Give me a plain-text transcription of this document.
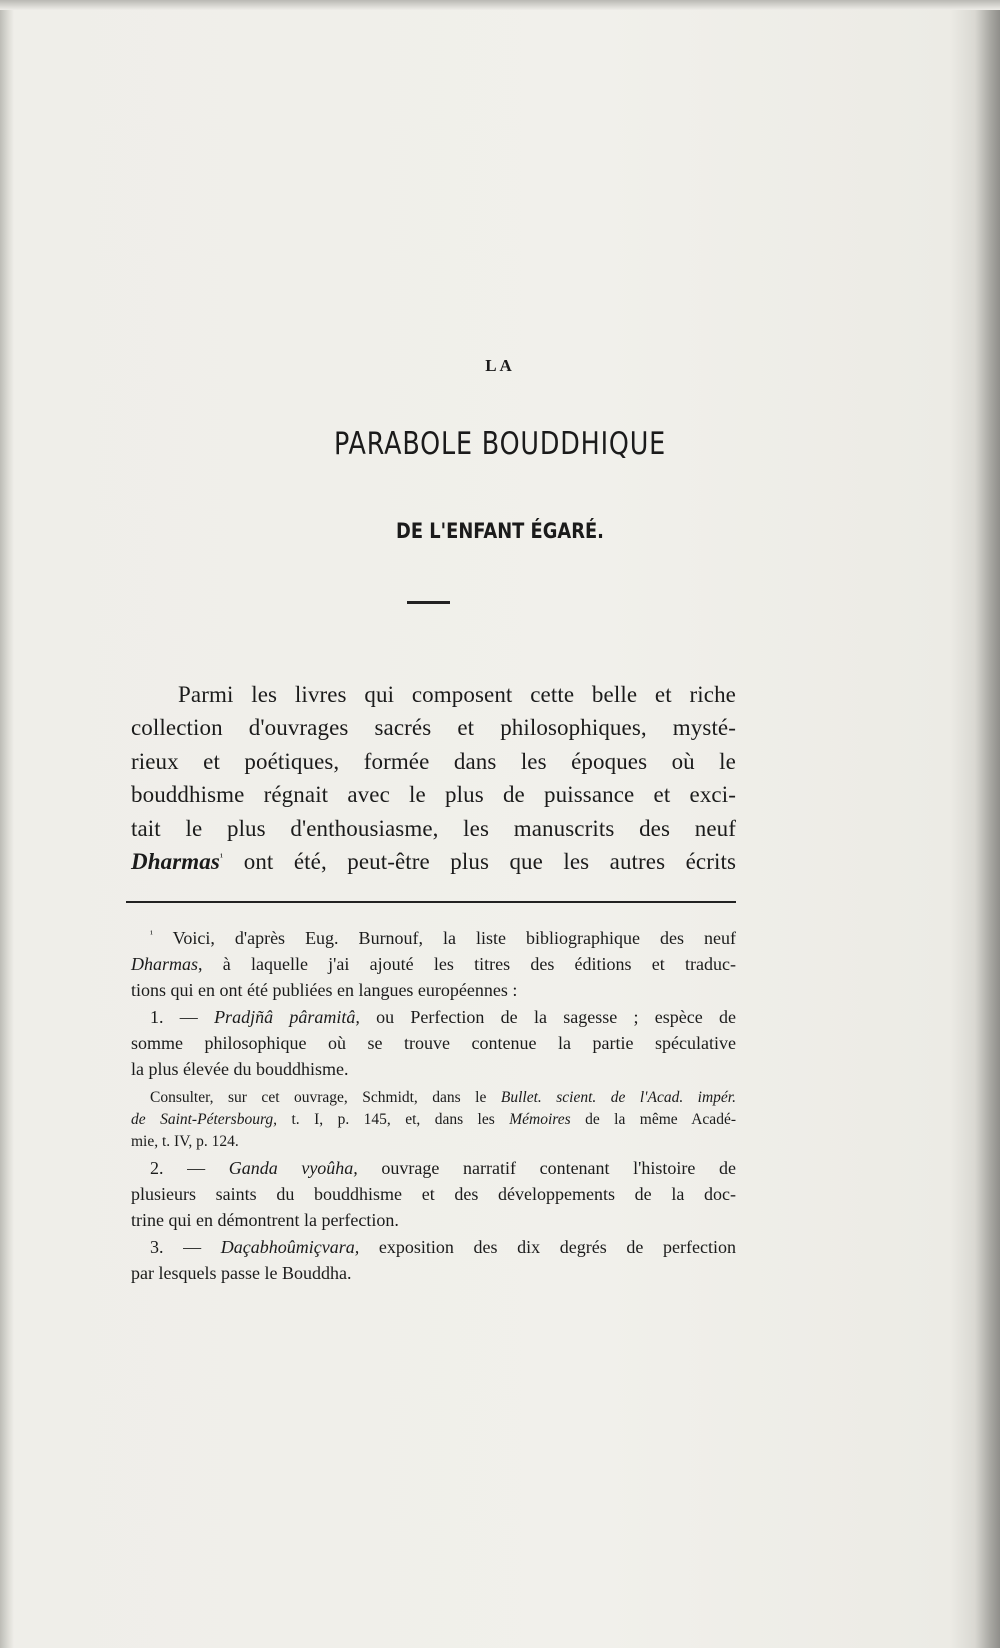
LA
PARABOLE BOUDDHIQUE
DE L'ENFANT ÉGARÉ.
Parmi les livres qui composent cette belle et riche
collection d'ouvrages sacrés et philosophiques, mysté-
rieux et poétiques, formée dans les époques où le
bouddhisme régnait avec le plus de puissance et exci-
tait le plus d'enthousiasme, les manuscrits des neuf
Dharmas$^{^1}$ ont été, peut-être plus que les autres écrits
$^{^1}$ Voici, d'après Eug. Burnouf, la liste bibliographique des neuf
Dharmas, à laquelle j'ai ajouté les titres des éditions et traduc-
tions qui en ont été publiées en langues européennes :
1. — Pradjñâ pâramitâ, ou Perfection de la sagesse ; espèce de
somme philosophique où se trouve contenue la partie spéculative
la plus élevée du bouddhisme.
Consulter, sur cet ouvrage, Schmidt, dans le Bullet. scient. de l'Acad. impér.
de Saint-Pétersbourg, t. I, p. 145, et, dans les Mémoires de la même Acadé-
mie, t. IV, p. 124.
2. — Ganda vyoûha, ouvrage narratif contenant l'histoire de
plusieurs saints du bouddhisme et des développements de la doc-
trine qui en démontrent la perfection.
3. — Daçabhoûmiçvara, exposition des dix degrés de perfection
par lesquels passe le Bouddha.
